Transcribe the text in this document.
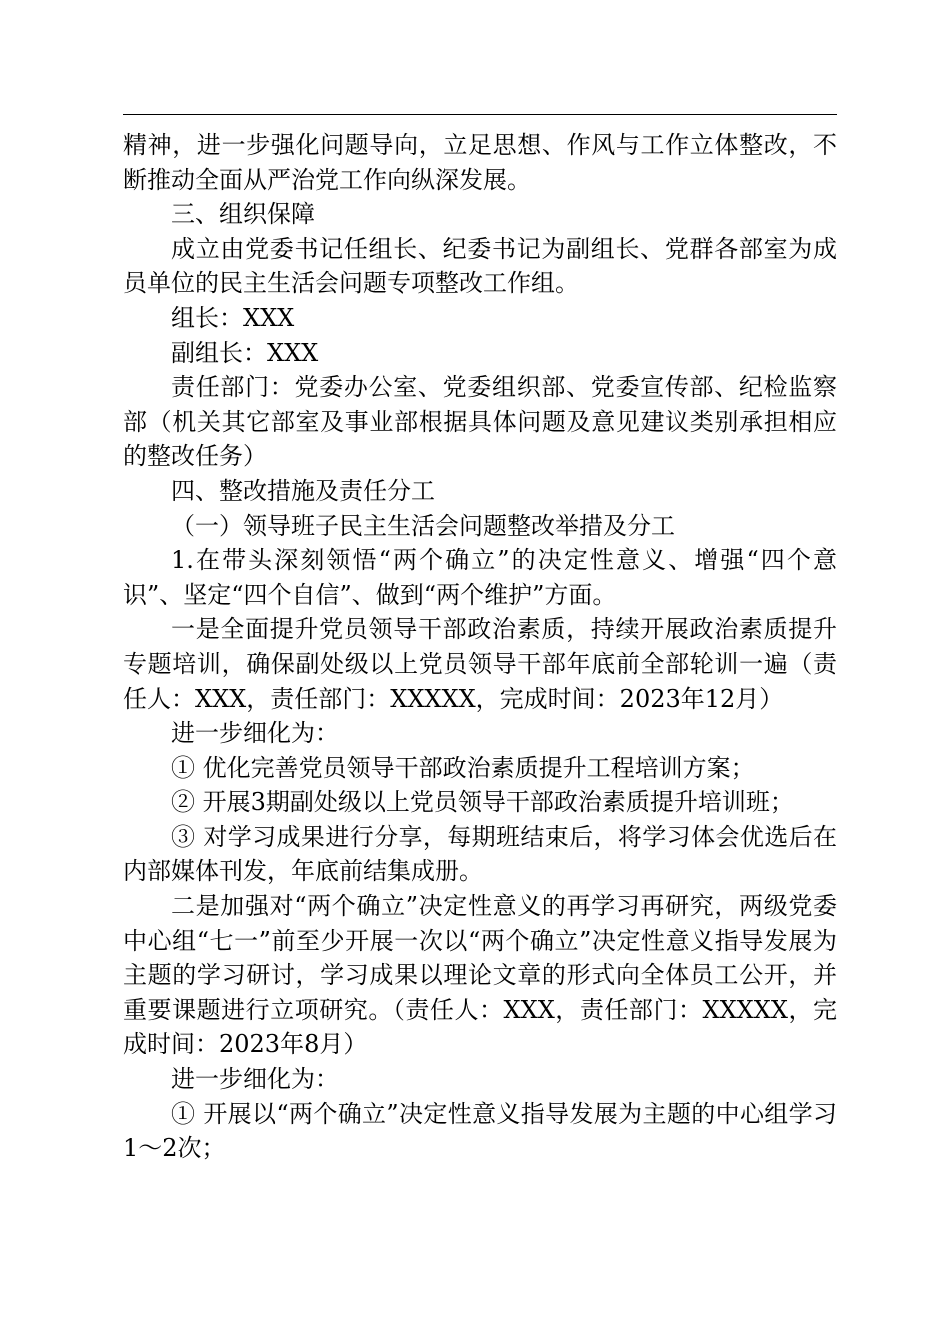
精神，进一步强化问题导向，立足思想、作风与工作立体整改，不断推动全面从严治党工作向纵深发展。

三、组织保障

成立由党委书记任组长、纪委书记为副组长、党群各部室为成员单位的民主生活会问题专项整改工作组。

组长：XXX

副组长：XXX

责任部门：党委办公室、党委组织部、党委宣传部、纪检监察部（机关其它部室及事业部根据具体问题及意见建议类别承担相应的整改任务）

四、整改措施及责任分工

（一）领导班子民主生活会问题整改举措及分工

1.在带头深刻领悟“两个确立”的决定性意义、增强“四个意识”、坚定“四个自信”、做到“两个维护”方面。

一是全面提升党员领导干部政治素质，持续开展政治素质提升专题培训，确保副处级以上党员领导干部年底前全部轮训一遍（责任人：XXX，责任部门：XXXXX，完成时间：2023年12月）

进一步细化为：

① 优化完善党员领导干部政治素质提升工程培训方案；

② 开展3期副处级以上党员领导干部政治素质提升培训班；

③ 对学习成果进行分享，每期班结束后，将学习体会优选后在内部媒体刊发，年底前结集成册。

二是加强对“两个确立”决定性意义的再学习再研究，两级党委中心组“七一”前至少开展一次以“两个确立”决定性意义指导发展为主题的学习研讨，学习成果以理论文章的形式向全体员工公开，并重要课题进行立项研究。（责任人：XXX，责任部门：XXXXX，完成时间：2023年8月）

进一步细化为：

① 开展以“两个确立”决定性意义指导发展为主题的中心组学习1～2次；
